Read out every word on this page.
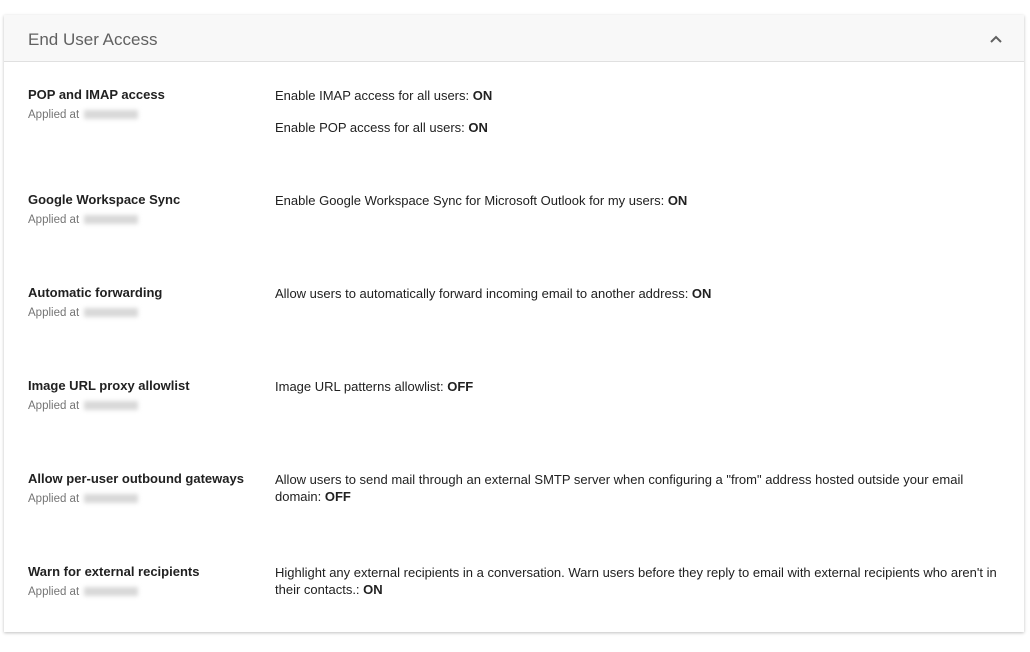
End User Access
POP and IMAP access
Applied at
Enable IMAP access for all users: ON
Enable POP access for all users: ON
Google Workspace Sync
Applied at
Enable Google Workspace Sync for Microsoft Outlook for my users: ON
Automatic forwarding
Applied at
Allow users to automatically forward incoming email to another address: ON
Image URL proxy allowlist
Applied at
Image URL patterns allowlist: OFF
Allow per-user outbound gateways
Applied at
Allow users to send mail through an external SMTP server when configuring a "from" address hosted outside your email domain: OFF
Warn for external recipients
Applied at
Highlight any external recipients in a conversation. Warn users before they reply to email with external recipients who aren't in their contacts.: ON
